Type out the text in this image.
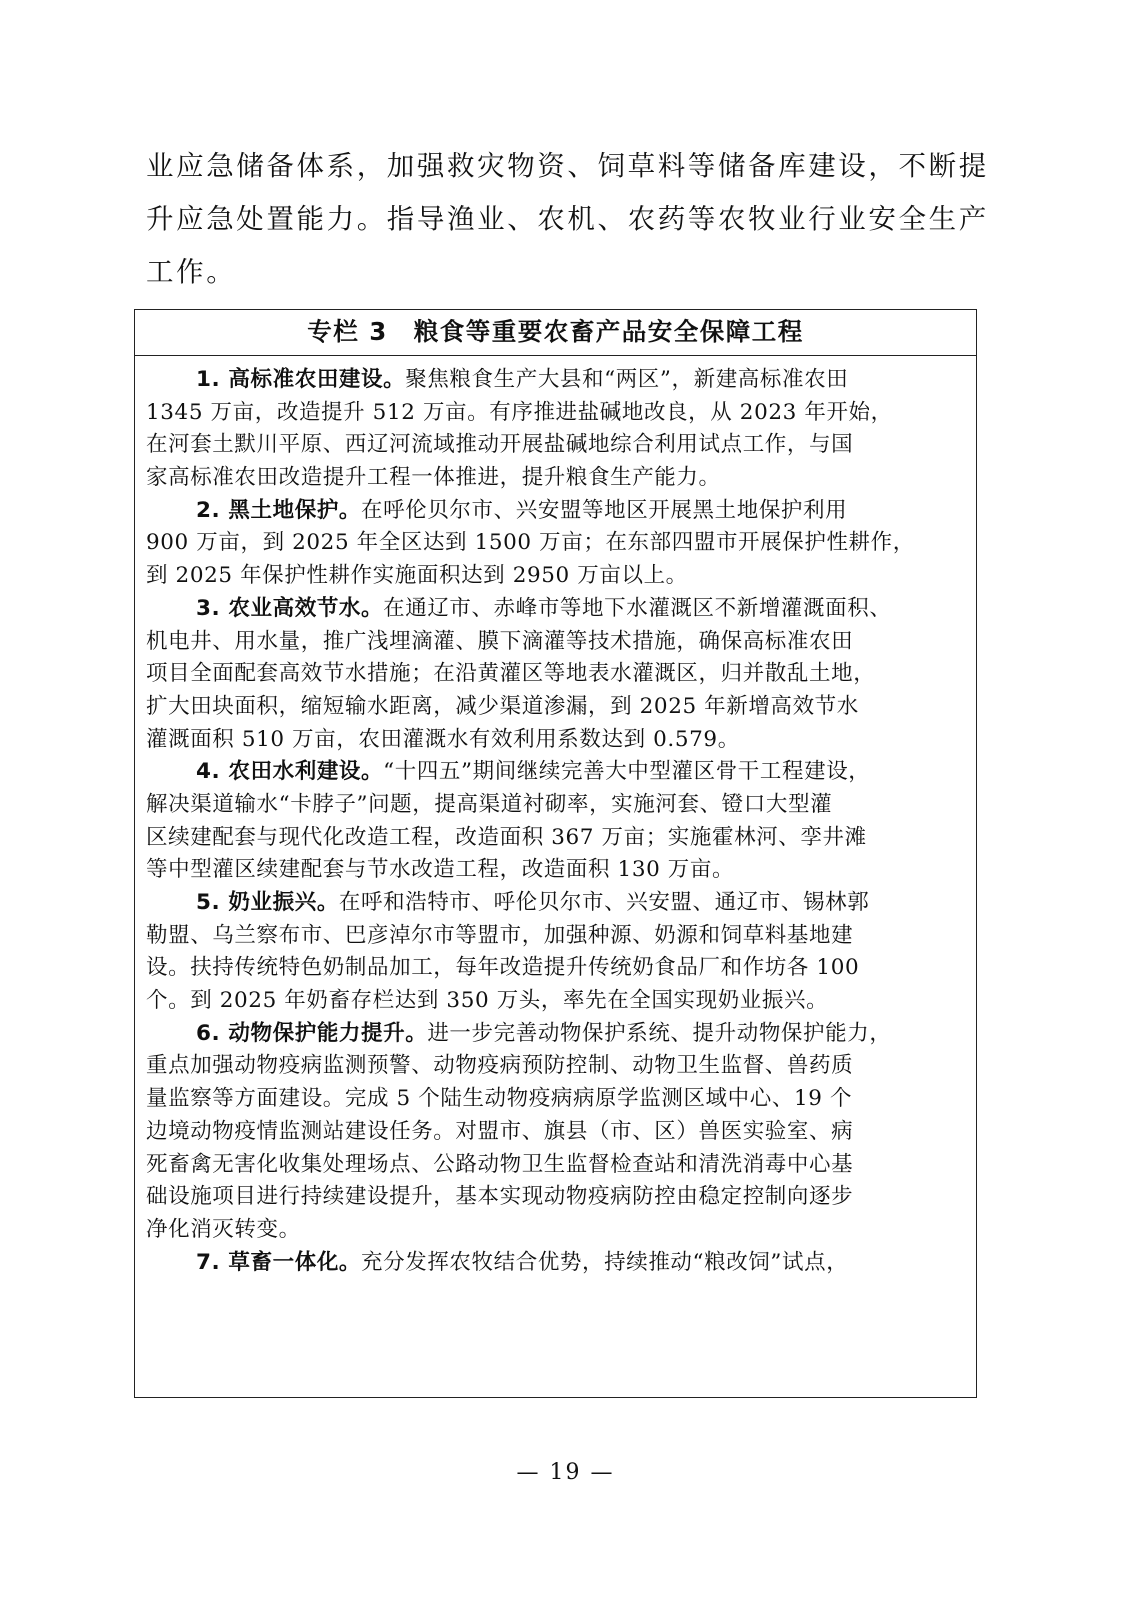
业应急储备体系，加强救灾物资、饲草料等储备库建设，不断提
升应急处置能力。指导渔业、农机、农药等农牧业行业安全生产
工作。
专栏 3 粮食等重要农畜产品安全保障工程
1. 高标准农田建设。聚焦粮食生产大县和“两区”，新建高标准农田
1345 万亩，改造提升 512 万亩。有序推进盐碱地改良，从 2023 年开始，
在河套土默川平原、西辽河流域推动开展盐碱地综合利用试点工作，与国
家高标准农田改造提升工程一体推进，提升粮食生产能力。
2. 黑土地保护。在呼伦贝尔市、兴安盟等地区开展黑土地保护利用
900 万亩，到 2025 年全区达到 1500 万亩；在东部四盟市开展保护性耕作，
到 2025 年保护性耕作实施面积达到 2950 万亩以上。
3. 农业高效节水。在通辽市、赤峰市等地下水灌溉区不新增灌溉面积、
机电井、用水量，推广浅埋滴灌、膜下滴灌等技术措施，确保高标准农田
项目全面配套高效节水措施；在沿黄灌区等地表水灌溉区，归并散乱土地，
扩大田块面积，缩短输水距离，减少渠道渗漏，到 2025 年新增高效节水
灌溉面积 510 万亩，农田灌溉水有效利用系数达到 0.579。
4. 农田水利建设。“十四五”期间继续完善大中型灌区骨干工程建设，
解决渠道输水“卡脖子”问题，提高渠道衬砌率，实施河套、镫口大型灌
区续建配套与现代化改造工程，改造面积 367 万亩；实施霍林河、孪井滩
等中型灌区续建配套与节水改造工程，改造面积 130 万亩。
5. 奶业振兴。在呼和浩特市、呼伦贝尔市、兴安盟、通辽市、锡林郭
勒盟、乌兰察布市、巴彦淖尔市等盟市，加强种源、奶源和饲草料基地建
设。扶持传统特色奶制品加工，每年改造提升传统奶食品厂和作坊各 100
个。到 2025 年奶畜存栏达到 350 万头，率先在全国实现奶业振兴。
6. 动物保护能力提升。进一步完善动物保护系统、提升动物保护能力，
重点加强动物疫病监测预警、动物疫病预防控制、动物卫生监督、兽药质
量监察等方面建设。完成 5 个陆生动物疫病病原学监测区域中心、19 个
边境动物疫情监测站建设任务。对盟市、旗县（市、区）兽医实验室、病
死畜禽无害化收集处理场点、公路动物卫生监督检查站和清洗消毒中心基
础设施项目进行持续建设提升，基本实现动物疫病防控由稳定控制向逐步
净化消灭转变。
7. 草畜一体化。充分发挥农牧结合优势，持续推动“粮改饲”试点，
— 19 —
